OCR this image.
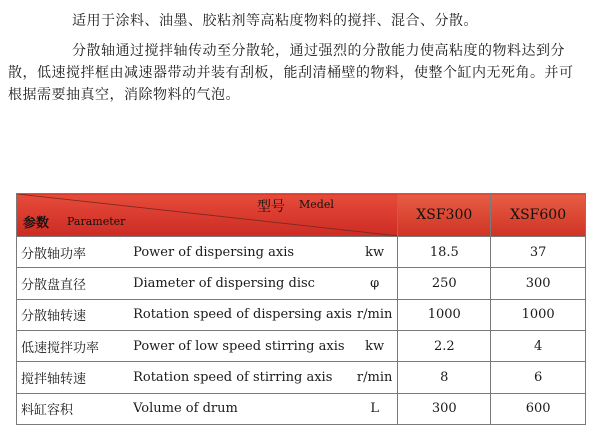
适用于涂料、油墨、胶粘剂等高粘度物料的搅拌、混合、分散。
分散轴通过搅拌轴传动至分散轮，通过强烈的分散能力使高粘度的物料达到分散，低速搅拌框由减速器带动并装有刮板，能刮清桶壁的物料，使整个缸内无死角。并可根据需要抽真空，消除物料的气泡。
型号 Medel
参数 Parameter			XSF300	XSF600
分散轴功率	Power of dispersing axis	kw	18.5	37
分散盘直径	Diameter of dispersing disc	φ	250	300
分散轴转速	Rotation speed of dispersing axis	r/min	1000	1000
低速搅拌功率	Power of low speed stirring axis	kw	2.2	4
搅拌轴转速	Rotation speed of stirring axis	r/min	8	6
料缸容积	Volume of drum	L	300	600
